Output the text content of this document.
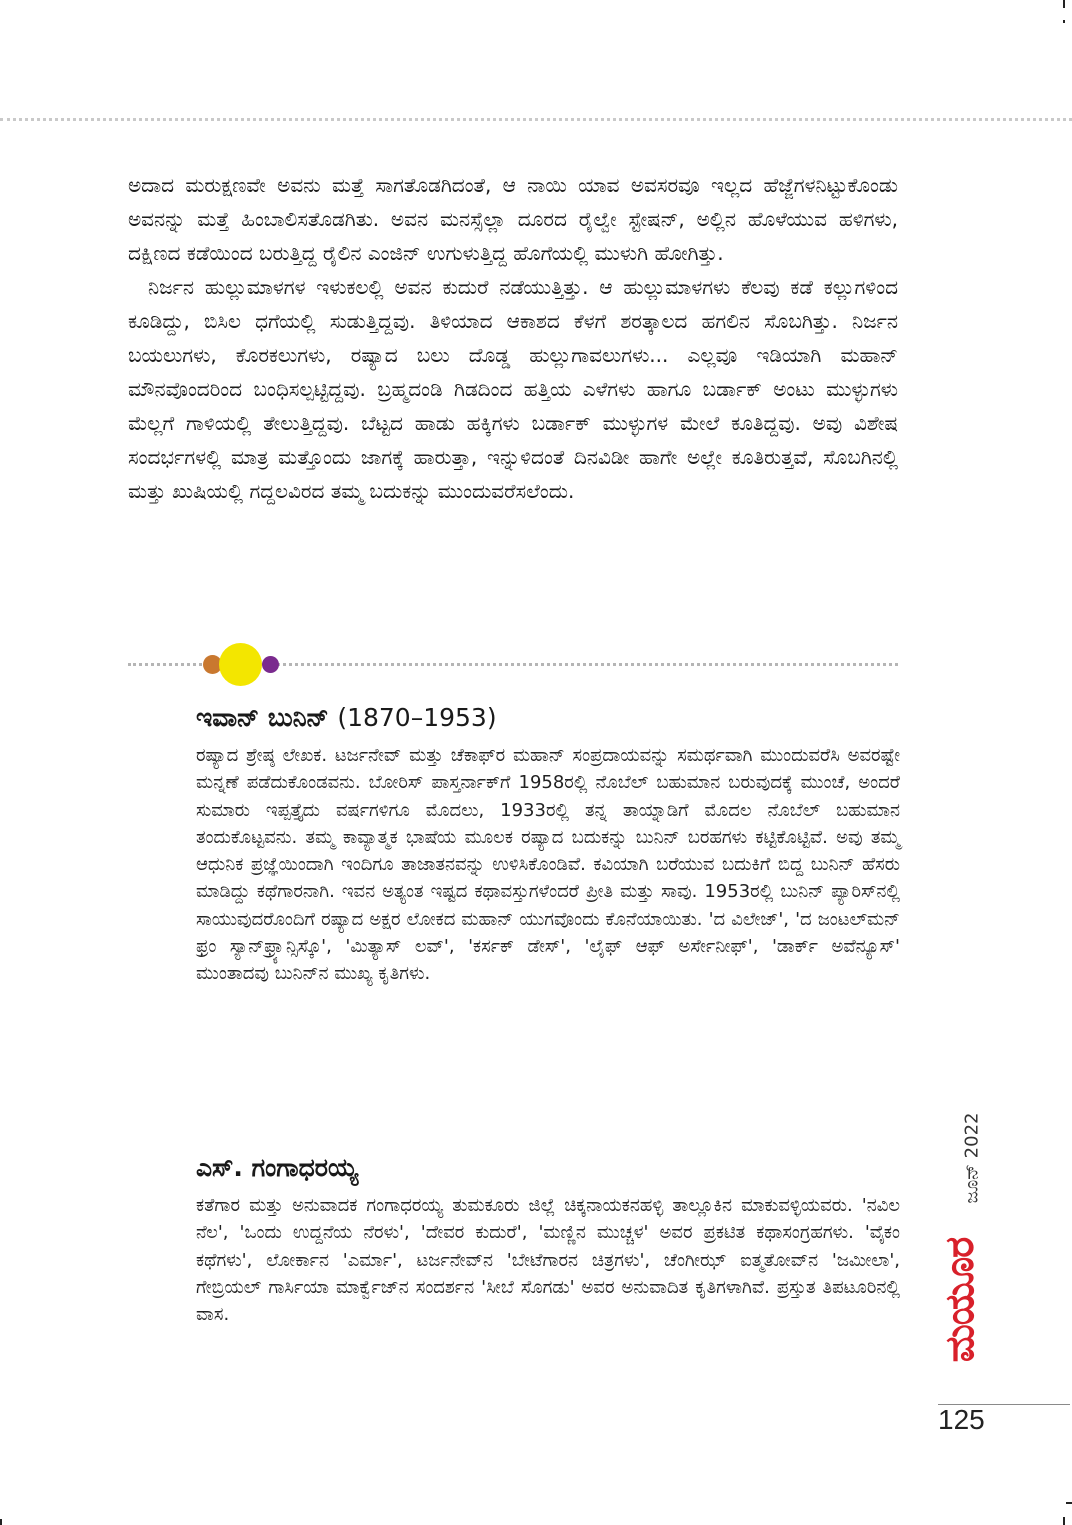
ಅದಾದ ಮರುಕ್ಷಣವೇ ಅವನು ಮತ್ತೆ ಸಾಗತೊಡಗಿದಂತೆ, ಆ ನಾಯಿ ಯಾವ ಅವಸರವೂ ಇಲ್ಲದ ಹೆಜ್ಜೆಗಳನಿಟ್ಟುಕೊಂಡು ಅವನನ್ನು ಮತ್ತೆ ಹಿಂಬಾಲಿಸತೊಡಗಿತು. ಅವನ ಮನಸ್ಸೆಲ್ಲಾ ದೂರದ ರೈಲ್ವೇ ಸ್ಟೇಷನ್, ಅಲ್ಲಿನ ಹೊಳೆಯುವ ಹಳಿಗಳು, ದಕ್ಷಿಣದ ಕಡೆಯಿಂದ ಬರುತ್ತಿದ್ದ ರೈಲಿನ ಎಂಜಿನ್ ಉಗುಳುತ್ತಿದ್ದ ಹೊಗೆಯಲ್ಲಿ ಮುಳುಗಿ ಹೋಗಿತ್ತು.

ನಿರ್ಜನ ಹುಲ್ಲುಮಾಳಗಳ ಇಳುಕಲಲ್ಲಿ ಅವನ ಕುದುರೆ ನಡೆಯುತ್ತಿತ್ತು. ಆ ಹುಲ್ಲುಮಾಳಗಳು ಕೆಲವು ಕಡೆ ಕಲ್ಲುಗಳಿಂದ ಕೂಡಿದ್ದು, ಬಿಸಿಲ ಧಗೆಯಲ್ಲಿ ಸುಡುತ್ತಿದ್ದವು. ತಿಳಿಯಾದ ಆಕಾಶದ ಕೆಳಗೆ ಶರತ್ಕಾಲದ ಹಗಲಿನ ಸೊಬಗಿತ್ತು. ನಿರ್ಜನ ಬಯಲುಗಳು, ಕೊರಕಲುಗಳು, ರಷ್ಯಾದ ಬಲು ದೊಡ್ಡ ಹುಲ್ಲುಗಾವಲುಗಳು... ಎಲ್ಲವೂ ಇಡಿಯಾಗಿ ಮಹಾನ್ ಮೌನವೊಂದರಿಂದ ಬಂಧಿಸಲ್ಪಟ್ಟಿದ್ದವು. ಬ್ರಹ್ಮದಂಡಿ ಗಿಡದಿಂದ ಹತ್ತಿಯ ಎಳೆಗಳು ಹಾಗೂ ಬರ್ಡಾಕ್ ಅಂಟು ಮುಳ್ಳುಗಳು ಮೆಲ್ಲಗೆ ಗಾಳಿಯಲ್ಲಿ ತೇಲುತ್ತಿದ್ದವು. ಬೆಟ್ಟದ ಹಾಡು ಹಕ್ಕಿಗಳು ಬರ್ಡಾಕ್ ಮುಳ್ಳುಗಳ ಮೇಲೆ ಕೂತಿದ್ದವು. ಅವು ವಿಶೇಷ ಸಂದರ್ಭಗಳಲ್ಲಿ ಮಾತ್ರ ಮತ್ತೊಂದು ಜಾಗಕ್ಕೆ ಹಾರುತ್ತಾ, ಇನ್ನುಳಿದಂತೆ ದಿನವಿಡೀ ಹಾಗೇ ಅಲ್ಲೇ ಕೂತಿರುತ್ತವೆ, ಸೊಬಗಿನಲ್ಲಿ ಮತ್ತು ಖುಷಿಯಲ್ಲಿ ಗದ್ದಲವಿರದ ತಮ್ಮ ಬದುಕನ್ನು ಮುಂದುವರೆಸಲೆಂದು.

ಇವಾನ್ ಬುನಿನ್ (1870–1953)

ರಷ್ಯಾದ ಶ್ರೇಷ್ಠ ಲೇಖಕ. ಟರ್ಜನೇವ್ ಮತ್ತು ಚೆಕಾಫ್‌ರ ಮಹಾನ್ ಸಂಪ್ರದಾಯವನ್ನು ಸಮರ್ಥವಾಗಿ ಮುಂದುವರೆಸಿ ಅವರಷ್ಟೇ ಮನ್ನಣೆ ಪಡೆದುಕೊಂಡವನು. ಬೋರಿಸ್ ಪಾಸ್ತರ್ನಾಕ್‌ಗೆ 1958ರಲ್ಲಿ ನೊಬೆಲ್ ಬಹುಮಾನ ಬರುವುದಕ್ಕೆ ಮುಂಚೆ, ಅಂದರೆ ಸುಮಾರು ಇಪ್ಪತ್ತೈದು ವರ್ಷಗಳಿಗೂ ಮೊದಲು, 1933ರಲ್ಲಿ ತನ್ನ ತಾಯ್ನಾಡಿಗೆ ಮೊದಲ ನೊಬೆಲ್ ಬಹುಮಾನ ತಂದುಕೊಟ್ಟವನು. ತಮ್ಮ ಕಾವ್ಯಾತ್ಮಕ ಭಾಷೆಯ ಮೂಲಕ ರಷ್ಯಾದ ಬದುಕನ್ನು ಬುನಿನ್ ಬರಹಗಳು ಕಟ್ಟಿಕೊಟ್ಟಿವೆ. ಅವು ತಮ್ಮ ಆಧುನಿಕ ಪ್ರಜ್ಞೆಯಿಂದಾಗಿ ಇಂದಿಗೂ ತಾಜಾತನವನ್ನು ಉಳಿಸಿಕೊಂಡಿವೆ. ಕವಿಯಾಗಿ ಬರೆಯುವ ಬದುಕಿಗೆ ಬಿದ್ದ ಬುನಿನ್ ಹೆಸರು ಮಾಡಿದ್ದು ಕಥೆಗಾರನಾಗಿ. ಇವನ ಅತ್ಯಂತ ಇಷ್ಟದ ಕಥಾವಸ್ತುಗಳೆಂದರೆ ಪ್ರೀತಿ ಮತ್ತು ಸಾವು. 1953ರಲ್ಲಿ ಬುನಿನ್ ಪ್ಯಾರಿಸ್‌ನಲ್ಲಿ ಸಾಯುವುದರೊಂದಿಗೆ ರಷ್ಯಾದ ಅಕ್ಷರ ಲೋಕದ ಮಹಾನ್ ಯುಗವೊಂದು ಕೊನೆಯಾಯಿತು. 'ದ ವಿಲೇಜ್', 'ದ ಜಂಟಲ್‌ಮನ್ ಫ್ರಂ ಸ್ಯಾನ್‌ಫ್ರ್ಯಾನ್ಸಿಸ್ಕೊ', 'ಮಿತ್ಯಾಸ್ ಲವ್', 'ಕರ್ಸಕ್ ಡೇಸ್', 'ಲೈಫ್ ಆಫ್ ಅರ್ಸೇನೀಫ್', 'ಡಾರ್ಕ್ ಅವೆನ್ಯೂಸ್' ಮುಂತಾದವು ಬುನಿನ್‌ನ ಮುಖ್ಯ ಕೃತಿಗಳು.

ಎಸ್. ಗಂಗಾಧರಯ್ಯ

ಕತೆಗಾರ ಮತ್ತು ಅನುವಾದಕ ಗಂಗಾಧರಯ್ಯ ತುಮಕೂರು ಜಿಲ್ಲೆ ಚಿಕ್ಕನಾಯಕನಹಳ್ಳಿ ತಾಲ್ಲೂಕಿನ ಮಾಕುವಳ್ಳಿಯವರು. 'ನವಿಲ ನೆಲ', 'ಒಂದು ಉದ್ದನೆಯ ನೆರಳು', 'ದೇವರ ಕುದುರೆ', 'ಮಣ್ಣಿನ ಮುಚ್ಚಳ' ಅವರ ಪ್ರಕಟಿತ ಕಥಾಸಂಗ್ರಹಗಳು. 'ವೈಕಂ ಕಥೆಗಳು', ಲೋರ್ಕಾನ 'ಎರ್ಮಾ', ಟರ್ಜನೇವ್‌ನ 'ಬೇಟೆಗಾರನ ಚಿತ್ರಗಳು', ಚೆಂಗೀಝ್ ಐತ್ಮತೋವ್‌ನ 'ಜಮೀಲಾ', ಗೇಬ್ರಿಯಲ್ ಗಾರ್ಸಿಯಾ ಮಾರ್ಕ್ವೆಜ್‌ನ ಸಂದರ್ಶನ 'ಸೀಬೆ ಸೊಗಡು' ಅವರ ಅನುವಾದಿತ ಕೃತಿಗಳಾಗಿವೆ. ಪ್ರಸ್ತುತ ತಿಪಟೂರಿನಲ್ಲಿ ವಾಸ.

ಜೂನ್ 2022
ಮಯೂರ
125
